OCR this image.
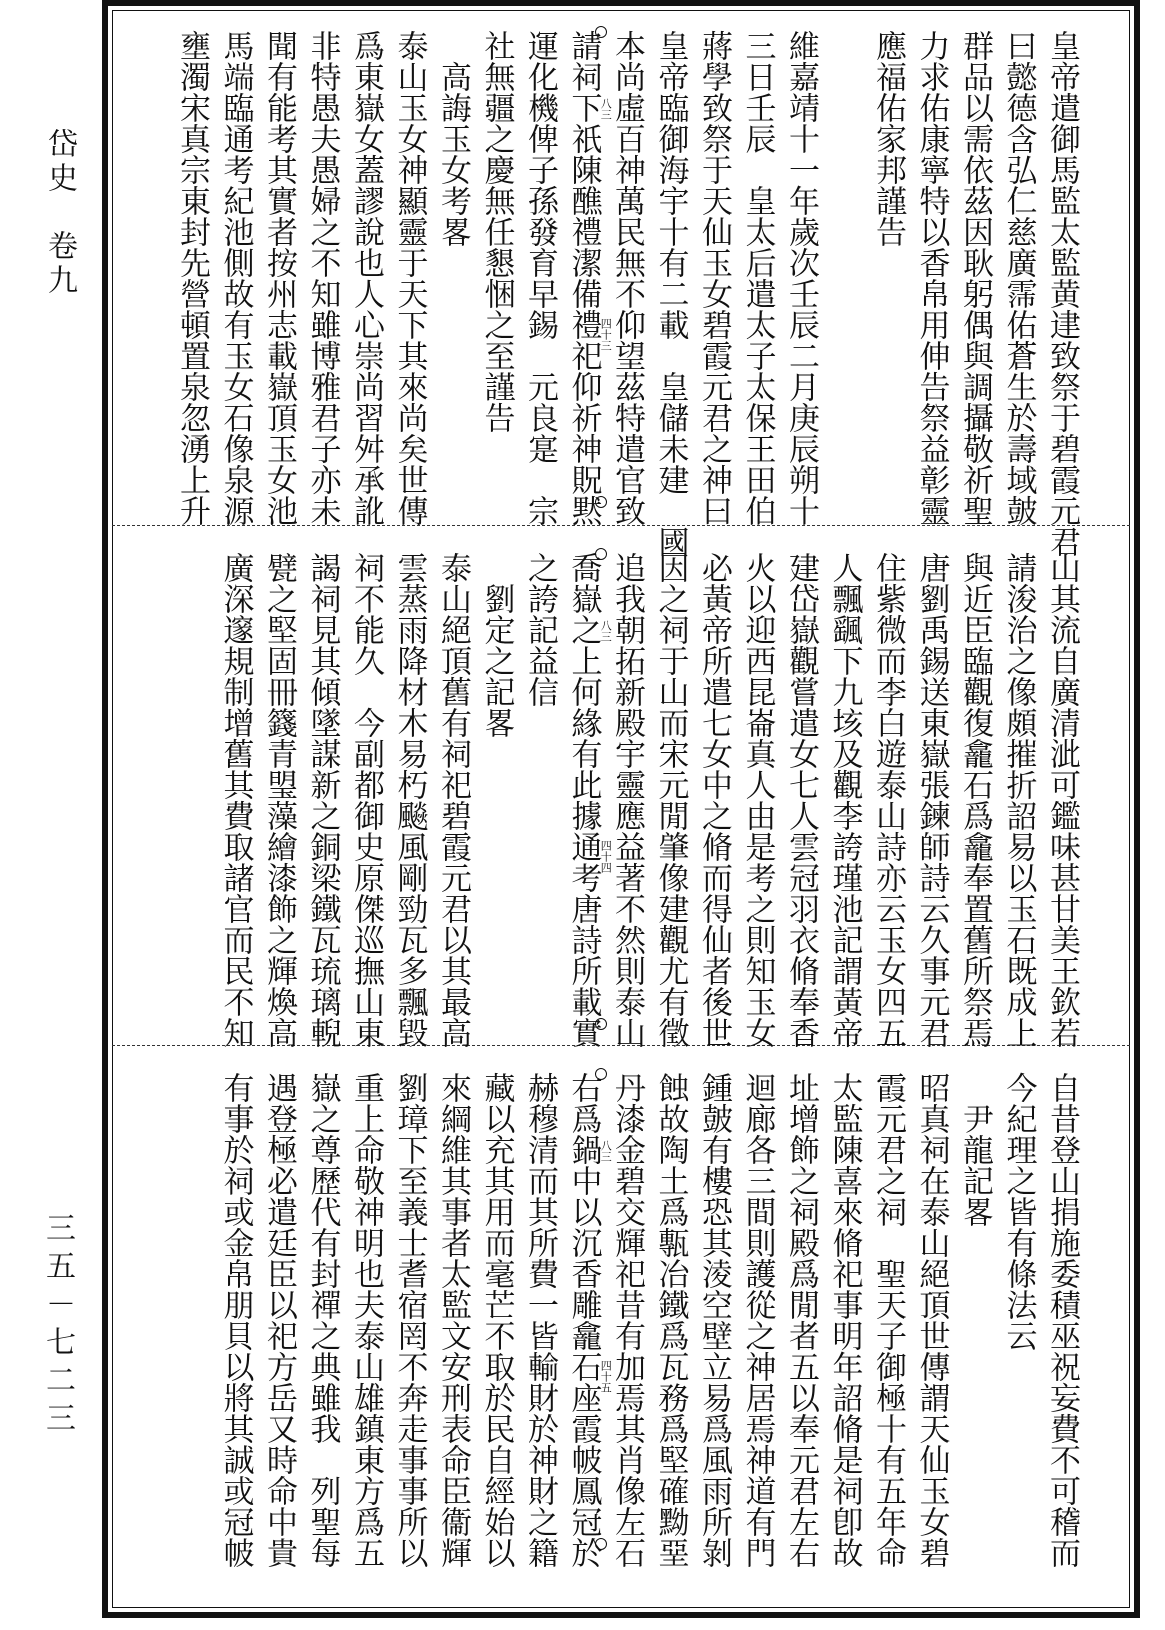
岱史　卷九
三五－七二三
皇帝遣御馬監太監黄䢖致祭于碧霞元君
曰懿德含弘仁慈廣霈佑蒼生於壽域皷
群品以需依茲因耿躬偶與調攝敬祈聖
力求佑康寧特以香帛用伸告祭益彰靈
應福佑家邦謹告
維嘉靖十一年歲次壬辰二月庚辰朔十
三日壬辰　皇太后遣太子太保王田伯
蔣學致祭于天仙玉女碧霞元君之神曰
皇帝臨御海宇十有二載　皇儲未建　國
本尚虛百神萬民無不仰望茲特遣官致
請祠下祇陳醮禮潔備禮祀仰祈神貺黙
運化機俾子孫發育早錫　元良寔　宗
社無疆之慶無任懇悃之至謹告
　高誨玉女考畧
泰山玉女神顯靈于天下其來尚矣世傳
爲東嶽女蓋謬說也人心崇尚習舛承訛
非特愚夫愚婦之不知雖博雅君子亦未
聞有能考其實者按州志載嶽頂玉女池
馬端臨通考紀池側故有玉女石像泉源
壅濁宋真宗東封先營頓置泉忽湧上升	八三
四十三
山其流自廣清泚可鑑味甚甘美王欽若
請浚治之像頗摧折詔易以玉石既成上
與近臣臨觀復龕石爲龕奉置舊所祭焉
唐劉禹錫送東嶽張鍊師詩云久事元君
住紫微而李白遊泰山詩亦云玉女四五
人飄颻下九垓及觀李誇瑾池記謂黃帝
建岱嶽觀嘗遣女七人雲冠羽衣脩奉香
火以迎西昆崙真人由是考之則知玉女
必黃帝所遣七女中之脩而得仙者後世
因之祠于山而宋元閒肇像建觀尤有徵
追我朝拓新殿宇靈應益著不然則泰山
喬嶽之上何緣有此據通考唐詩所載實
之誇記益信
　劉定之記畧
泰山絕頂舊有祠祀碧霞元君以其最高
雲蒸雨降材木易朽飈風剛勁瓦多飄毀
祠不能久　今副都御史原傑巡撫山東
謁祠見其傾墜謀新之銅梁鐵瓦琉璃輗
甓之堅固冊籛青琞藻繪漆飾之輝煥高
廣深邃規制增舊其費取諸官而民不知	八三
四十四
自昔登山捐施委積巫祝妄費不可稽而
今紀理之皆有條法云
　尹龍記畧
昭真祠在泰山絕頂世傳謂天仙玉女碧
霞元君之祠　聖天子御極十有五年命
太監陳喜來脩祀事明年詔脩是祠卽故
址增飾之祠殿爲閒者五以奉元君左右
迴廊各三間則護從之神居焉神道有門
鍾皷有樓恐其淩空壁立易爲風雨所剝
蝕故陶土爲甎冶鐵爲瓦務爲堅確黝堊
丹漆金碧交輝祀昔有加焉其肖像左石
右爲鍋中以沉香雕龕石座霞帔鳳冠於
赫穆清而其所費一皆輸財於神財之籍
藏以充其用而毫芒不取於民自經始以
來綱維其事者太監文安刑表命臣衞輝
劉璋下至義士耆宿罔不奔走事事所以
重上命敬神明也夫泰山雄鎮東方爲五
嶽之尊歷代有封禪之典雖我　列聖每
遇登極必遣廷臣以祀方岳又時命中貴
有事於祠或金帛朋貝以將其誠或冠帔	八三
四十五
